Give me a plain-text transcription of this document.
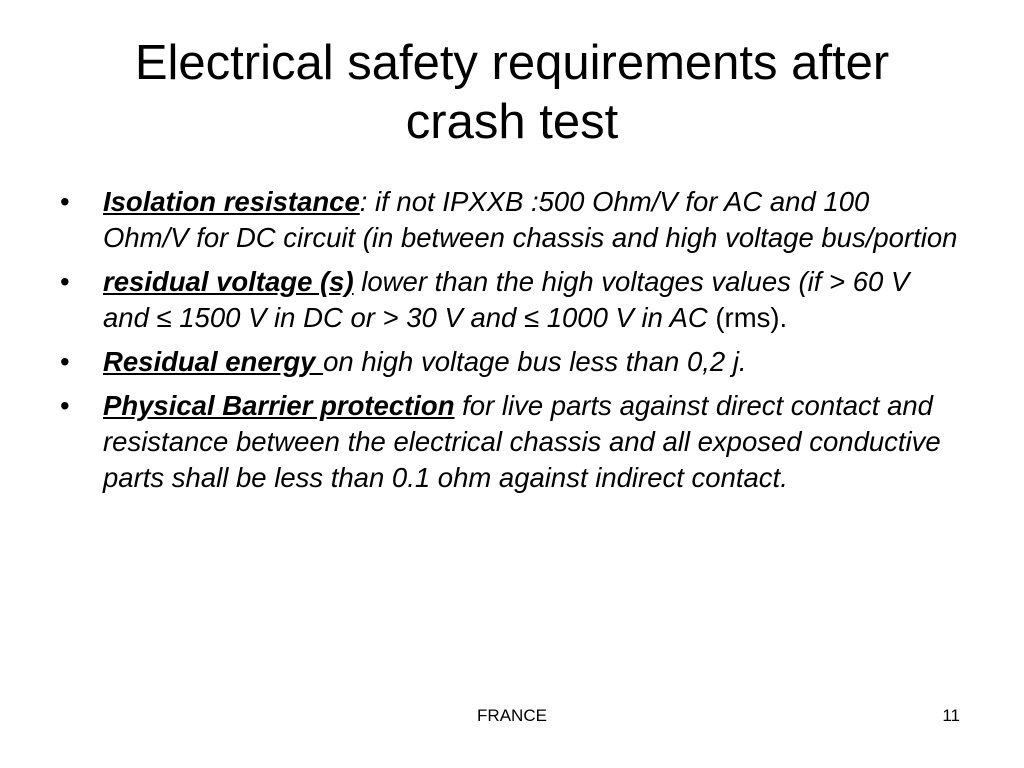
Electrical safety requirements after
crash test
• Isolation resistance: if not IPXXB :500 Ohm/V for AC and 100 Ohm/V for DC circuit (in between chassis and high voltage bus/portion
• residual voltage (s) lower than the high voltages values (if > 60 V and ≤ 1500 V in DC or > 30 V and ≤ 1000 V in AC (rms).
• Residual energy on high voltage bus less than 0,2 j.
• Physical Barrier protection for live parts against direct contact and resistance between the electrical chassis and all exposed conductive parts shall be less than 0.1 ohm against indirect contact.
FRANCE	11
